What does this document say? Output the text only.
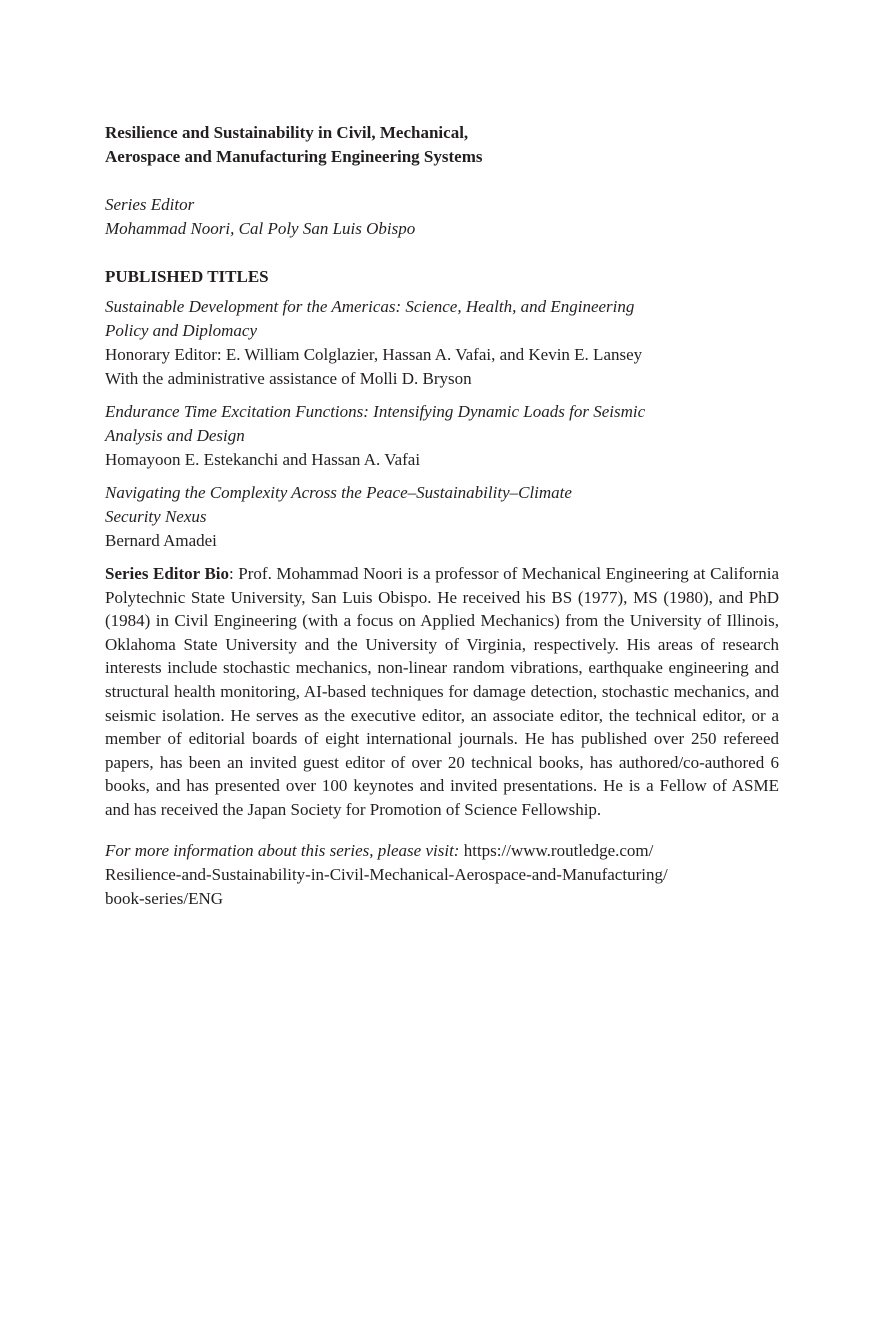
Resilience and Sustainability in Civil, Mechanical,
Aerospace and Manufacturing Engineering Systems
Series Editor
Mohammad Noori, Cal Poly San Luis Obispo
PUBLISHED TITLES
Sustainable Development for the Americas: Science, Health, and Engineering
Policy and Diplomacy
Honorary Editor: E. William Colglazier, Hassan A. Vafai, and Kevin E. Lansey
With the administrative assistance of Molli D. Bryson
Endurance Time Excitation Functions: Intensifying Dynamic Loads for Seismic
Analysis and Design
Homayoon E. Estekanchi and Hassan A. Vafai
Navigating the Complexity Across the Peace–Sustainability–Climate
Security Nexus
Bernard Amadei

Series Editor Bio: Prof. Mohammad Noori is a professor of Mechanical Engineering at California Polytechnic State University, San Luis Obispo. He received his BS (1977), MS (1980), and PhD (1984) in Civil Engineering (with a focus on Applied Mechanics) from the University of Illinois, Oklahoma State University and the University of Virginia, respectively. His areas of research interests include stochastic mechanics, non-linear random vibrations, earthquake engineering and structural health monitoring, AI-based techniques for damage detection, stochastic mechanics, and seismic isolation. He serves as the executive editor, an associate editor, the technical editor, or a member of editorial boards of eight international journals. He has published over 250 refereed papers, has been an invited guest editor of over 20 technical books, has authored/co-authored 6 books, and has presented over 100 keynotes and invited presentations. He is a Fellow of ASME and has received the Japan Society for Promotion of Science Fellowship.

For more information about this series, please visit: https://www.routledge.com/
Resilience-and-Sustainability-in-Civil-Mechanical-Aerospace-and-Manufacturing/
book-series/ENG
